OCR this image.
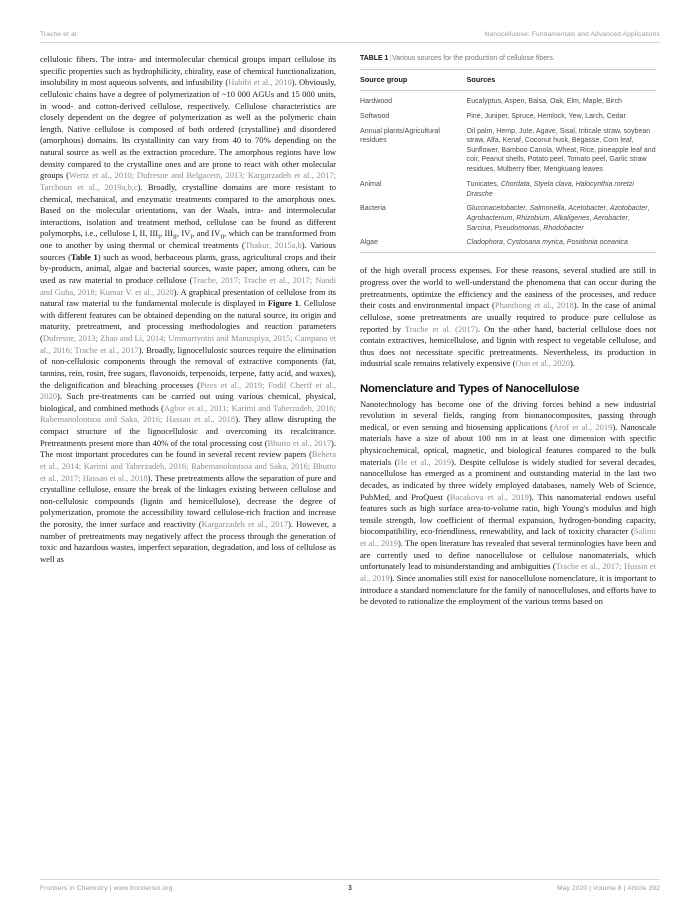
Trache et al.	Nanocellulose: Fundamentals and Advanced Applications

cellulosic fibers. The intra- and intermolecular chemical groups impart cellulose its specific properties such as hydrophilicity, chirality, ease of chemical functionalization, insolubility in most aqueous solvents, and infusibility (Habibi et al., 2010). Obviously, cellulosic chains have a degree of polymerization of ~10 000 AGUs and 15 000 units, in wood- and cotton-derived cellulose, respectively. Cellulose characteristics are closely dependent on the degree of polymerization as well as the polymeric chain length. Native cellulose is composed of both ordered (crystalline) and disordered (amorphous) domains. Its crystallinity can vary from 40 to 70% depending on the natural source as well as the extraction procedure. The amorphous regions have low density compared to the crystalline ones and are prone to react with other molecular groups (Wertz et al., 2010; Dufresne and Belgacem, 2013; Kargarzadeh et al., 2017; Tarchoun et al., 2019a,b,c). Broadly, crystalline domains are more resistant to chemical, mechanical, and enzymatic treatments compared to the amorphous ones. Based on the molecular orientations, van der Waals, intra- and intermolecular interactions, isolation and treatment method, cellulose can be found as different polymorphs, i.e., cellulose I, II, $III_I$, $III_{II}$, $IV_I$, and $IV_{II}$, which can be transformed from one to another by using thermal or chemical treatments (Thakur, 2015a,b). Various sources (Table 1) such as wood, herbaceous plants, grass, agricultural crops and their by-products, animal, algae and bacterial sources, waste paper, among others, can be used as raw material to produce cellulose (Trache, 2017; Trache et al., 2017; Nandi and Guha, 2018; Kumar V. et al., 2020). A graphical presentation of cellulose from its natural raw material to the fundamental molecule is displayed in Figure 1. Cellulose with different features can be obtained depending on the natural source, its origin and maturity, pretreatment, and processing methodologies and reaction parameters (Dufresne, 2013; Zhao and Li, 2014; Ummartyotin and Manuspiya, 2015; Campano et al., 2016; Trache et al., 2017). Broadly, lignocellulosic sources require the elimination of non-cellulosic components through the removal of extractive components (fat, tannins, rein, rosin, free sugars, flavonoids, terpenoids, terpene, fatty acid, and waxes), the delignification and bleaching processes (Pires et al., 2019; Fodil Cherif et al., 2020). Such pre-treatments can be carried out using various chemical, physical, biological, and combined methods (Agbor et al., 2011; Karimi and Taherzadeh, 2016; Rabemanolontsoa and Saka, 2016; Hassan et al., 2018). They allow disrupting the compact structure of the lignocellulosic and overcoming its recalcitrance. Pretreatments present more than 40% of the total processing cost (Bhutto et al., 2017). The most important procedures can be found in several recent review papers (Behera et al., 2014; Karimi and Taherzadeh, 2016; Rabemanolontsoa and Saka, 2016; Bhutto et al., 2017; Hassan et al., 2018). These pretreatments allow the separation of pure and crystalline cellulose, ensure the break of the linkages existing between cellulose and non-cellulosic compounds (lignin and hemicellulose), decrease the degree of polymerization, promote the accessibility toward cellulose-rich fraction and increase the porosity, the inner surface and reactivity (Kargarzadeh et al., 2017). However, a number of pretreatments may negatively affect the process through the generation of toxic and hazardous wastes, imperfect separation, degradation, and loss of cellulose as well as

TABLE 1|Various sources for the production of cellulose fibers.
Source group	Sources
Hardwood	Eucalyptus, Aspen, Balsa, Oak, Elm, Maple, Birch
Softwood	Pine, Juniper, Spruce, Hemlock, Yew, Larch, Cedar
Annual plants/Agricultural residues	Oil palm, Hemp, Jute, Agave, Sisal, triticale straw, soybean straw, Alfa, Kenaf, Coconut husk, Begasse, Corn leaf, Sunflower, Bamboo Canola, Wheat, Rice, pineapple leaf and coir, Peanut shells, Potato peel, Tomato peel, Garlic straw residues, Mulberry fiber, Mengkuang leaves
Animal	Tunicates, Chordata, Styela clava, Halocynthia roretzi Drasche
Bacteria	Gluconacetobacter, Salmonella, Acetobacter, Azotobacter, Agrobacterium, Rhizobium, Alkaligenes, Aerobacter, Sarcina, Pseudomonas, Rhodobacter
Algae	Cladophora, Cystosaria myrica, Posidonia oceanica

of the high overall process expenses. For these reasons, several studied are still in progress over the world to well-understand the phenomena that can occur during the pretreatments, optimize the efficiency and the easiness of the processes, and reduce their costs and environmental impact (Phanthong et al., 2018). In the case of animal cellulose, some pretreatments are usually required to produce pure cellulose as reported by Trache et al. (2017). On the other hand, bacterial cellulose does not contain extractives, hemicellulose, and lignin with respect to vegetable cellulose, and thus does not necessitate specific pretreatments. Nevertheless, its production in industrial scale remains relatively expensive (Oun et al., 2020).

Nomenclature and Types of Nanocellulose

Nanotechnology has become one of the driving forces behind a new industrial revolution in several fields, ranging from bionanocomposites, passing through medical, or even sensing and biosensing applications (Arof et al., 2019). Nanoscale materials have a size of about 100 nm in at least one dimension with specific physicochemical, optical, magnetic, and biological features compared to the bulk materials (He et al., 2019). Despite cellulose is widely studied for several decades, nanocellulose has emerged as a prominent and outstanding material in the last two decades, as indicated by three widely employed databases, namely Web of Science, PubMed, and ProQuest (Bacakova et al., 2019). This nanomaterial endows useful features such as high surface area-to-volume ratio, high Young's modulus and high tensile strength, low coefficient of thermal expansion, hydrogen-bonding capacity, biocompatibility, eco-friendliness, renewability, and lack of toxicity character (Salimi et al., 2019). The open literature has revealed that several terminologies have been and are currently used to define nanocellulose or cellulose nanomaterials, which unfortunately lead to misunderstanding and ambiguities (Trache et al., 2017; Hussin et al., 2019). Since anomalies still exist for nanocellulose nomenclature, it is important to introduce a standard nomenclature for the family of nanocelluloses, and efforts have to be devoted to rationalize the employment of the various terms based on

Frontiers in Chemistry | www.frontiersin.org	3	May 2020 | Volume 8 | Article 392
